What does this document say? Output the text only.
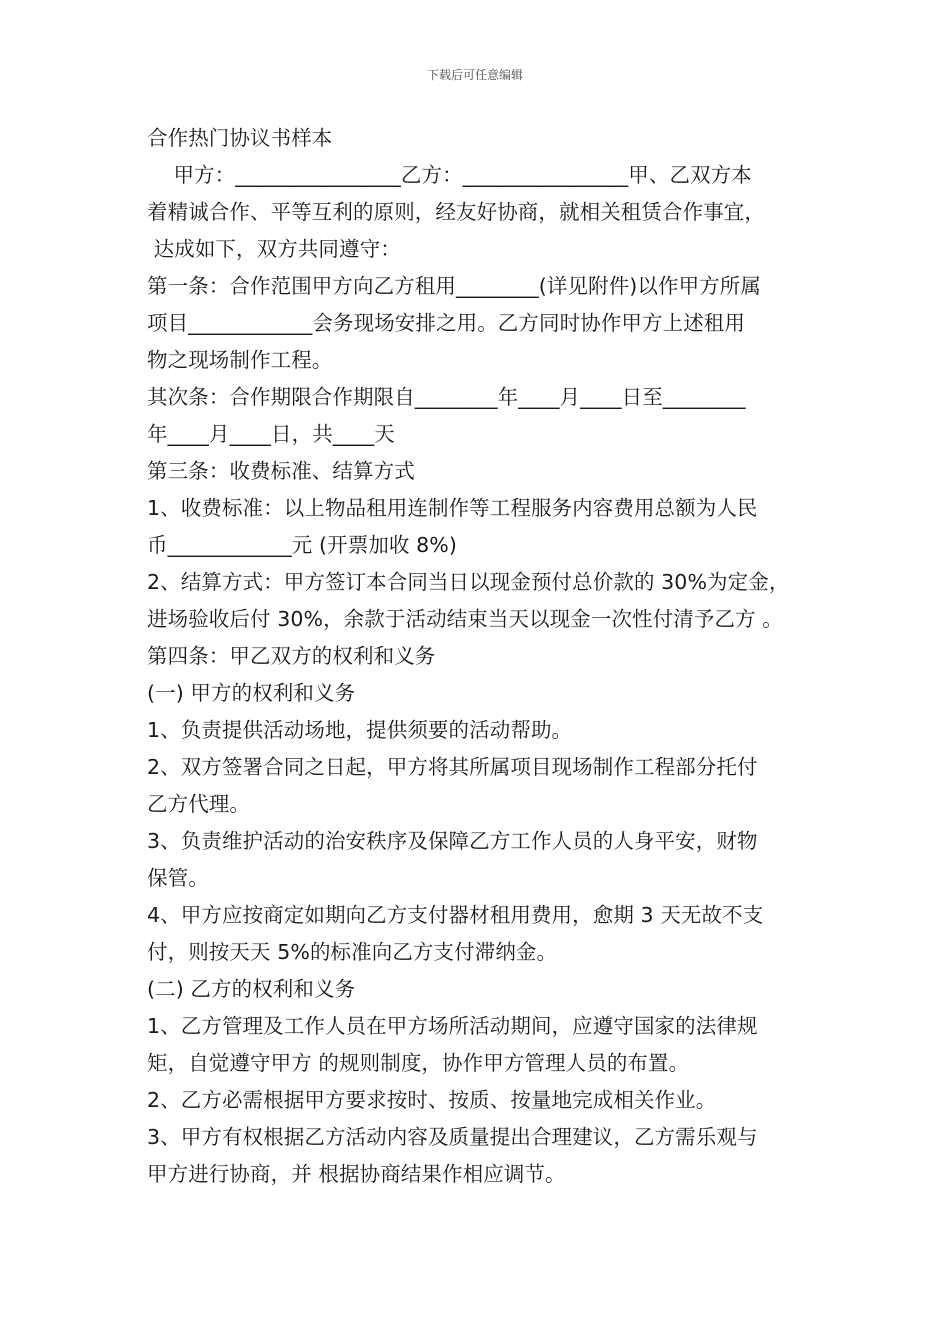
下载后可任意编辑
合作热门协议书样本
甲方：________________乙方：________________甲、乙双方本
着精诚合作、平等互利的原则，经友好协商，就相关租赁合作事宜，
达成如下，双方共同遵守：
第一条：合作范围甲方向乙方租用________(详见附件)以作甲方所属
项目____________会务现场安排之用。乙方同时协作甲方上述租用
物之现场制作工程。
其次条：合作期限合作期限自________年____月____日至________
年____月____日，共____天
第三条：收费标准、结算方式
1、收费标准：以上物品租用连制作等工程服务内容费用总额为人民
币____________元 (开票加收 8%)
2、结算方式：甲方签订本合同当日以现金预付总价款的 30%为定金，
进场验收后付 30%，余款于活动结束当天以现金一次性付清予乙方 。
第四条：甲乙双方的权利和义务
(一) 甲方的权利和义务
1、负责提供活动场地，提供须要的活动帮助。
2、双方签署合同之日起，甲方将其所属项目现场制作工程部分托付
乙方代理。
3、负责维护活动的治安秩序及保障乙方工作人员的人身平安，财物
保管。
4、甲方应按商定如期向乙方支付器材租用费用，愈期 3 天无故不支
付，则按天天 5%的标准向乙方支付滞纳金。
(二) 乙方的权利和义务
1、乙方管理及工作人员在甲方场所活动期间，应遵守国家的法律规
矩，自觉遵守甲方 的规则制度，协作甲方管理人员的布置。
2、乙方必需根据甲方要求按时、按质、按量地完成相关作业。
3、甲方有权根据乙方活动内容及质量提出合理建议，乙方需乐观与
甲方进行协商，并 根据协商结果作相应调节。
